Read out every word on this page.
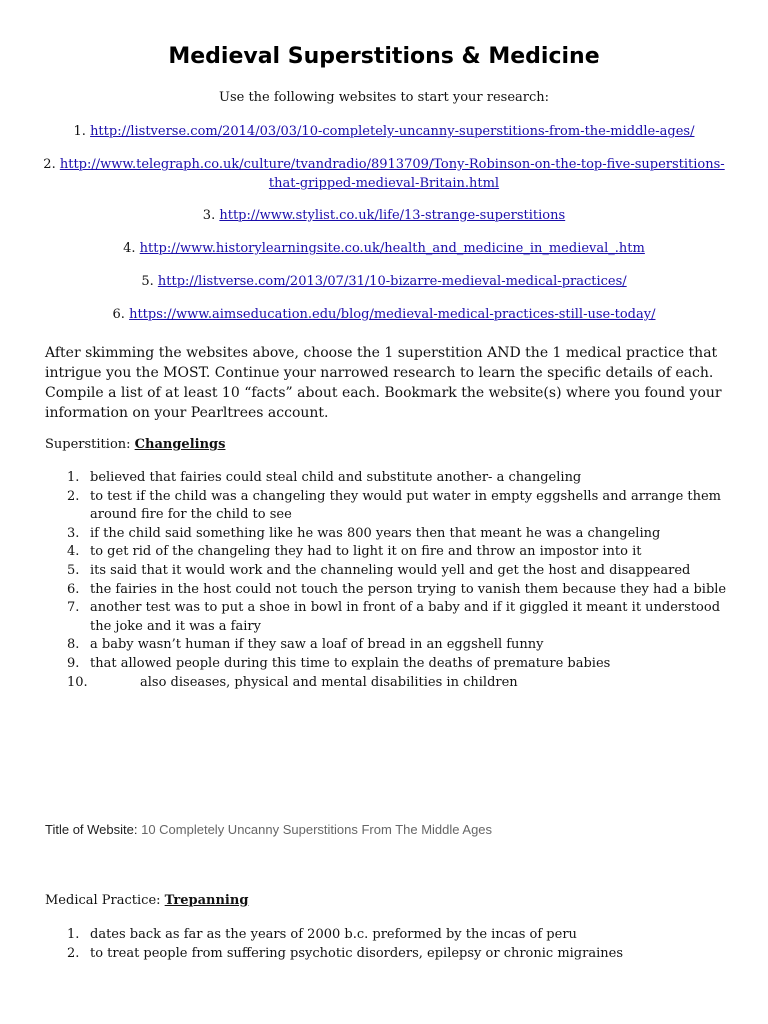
Medieval Superstitions & Medicine
Use the following websites to start your research:
1. http://listverse.com/2014/03/03/10-completely-uncanny-superstitions-from-the-middle-ages/
2. http://www.telegraph.co.uk/culture/tvandradio/8913709/Tony-Robinson-on-the-top-five-superstitions-that-gripped-medieval-Britain.html
3. http://www.stylist.co.uk/life/13-strange-superstitions
4. http://www.historylearningsite.co.uk/health_and_medicine_in_medieval_.htm
5. http://listverse.com/2013/07/31/10-bizarre-medieval-medical-practices/
6. https://www.aimseducation.edu/blog/medieval-medical-practices-still-use-today/
After skimming the websites above, choose the 1 superstition AND the 1 medical practice that intrigue you the MOST. Continue your narrowed research to learn the specific details of each. Compile a list of at least 10 “facts” about each. Bookmark the website(s) where you found your information on your Pearltrees account.
Superstition: Changelings
1. believed that fairies could steal child and substitute another- a changeling
2. to test if the child was a changeling they would put water in empty eggshells and arrange them around fire for the child to see
3. if the child said something like he was 800 years then that meant he was a changeling
4. to get rid of the changeling they had to light it on fire and throw an impostor into it
5. its said that it would work and the channeling would yell and get the host and disappeared
6. the fairies in the host could not touch the person trying to vanish them because they had a bible
7. another test was to put a shoe in bowl in front of a baby and if it giggled it meant it understood the joke and it was a fairy
8. a baby wasn’t human if they saw a loaf of bread in an eggshell funny
9. that allowed people during this time to explain the deaths of premature babies
10.	also diseases, physical and mental disabilities in children
Title of Website: 10 Completely Uncanny Superstitions From The Middle Ages
Medical Practice: Trepanning
1. dates back as far as the years of 2000 b.c. preformed by the incas of peru
2. to treat people from suffering psychotic disorders, epilepsy or chronic migraines
